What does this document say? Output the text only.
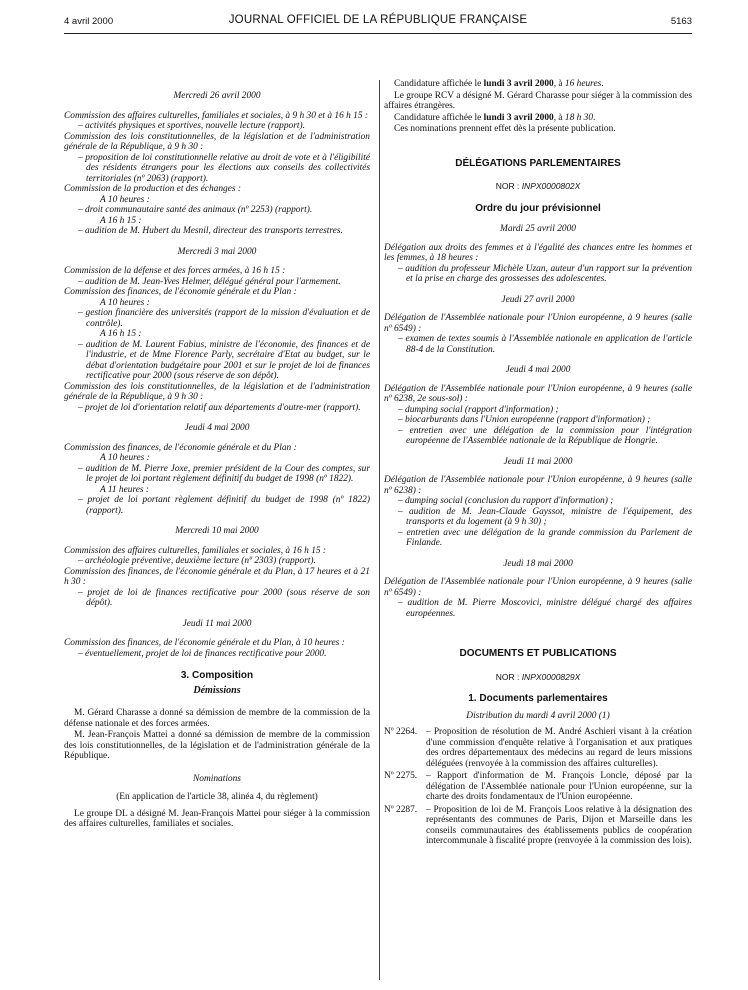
4 avril 2000	JOURNAL OFFICIEL DE LA RÉPUBLIQUE FRANÇAISE	5163

Mercredi 26 avril 2000

Commission des affaires culturelles, familiales et sociales, à 9 h 30 et à 16 h 15 :

– activités physiques et sportives, nouvelle lecture (rapport).

Commission des lois constitutionnelles, de la législation et de l'administration générale de la République, à 9 h 30 :

– proposition de loi constitutionnelle relative au droit de vote et à l'éligibilité des résidents étrangers pour les élections aux conseils des collectivités territoriales (nº 2063) (rapport).

Commission de la production et des échanges :

A 10 heures :

– droit communautaire santé des animaux (nº 2253) (rapport).

A 16 h 15 :

– audition de M. Hubert du Mesnil, directeur des transports terrestres.

Mercredi 3 mai 2000

Commission de la défense et des forces armées, à 16 h 15 :

– audition de M. Jean-Yves Helmer, délégué général pour l'armement.

Commission des finances, de l'économie générale et du Plan :

A 10 heures :

– gestion financière des universités (rapport de la mission d'évaluation et de contrôle).

A 16 h 15 :

– audition de M. Laurent Fabius, ministre de l'économie, des finances et de l'industrie, et de Mme Florence Parly, secrétaire d'Etat au budget, sur le débat d'orientation budgétaire pour 2001 et sur le projet de loi de finances rectificative pour 2000 (sous réserve de son dépôt).

Commission des lois constitutionnelles, de la législation et de l'administration générale de la République, à 9 h 30 :

– projet de loi d'orientation relatif aux départements d'outre-mer (rapport).

Jeudi 4 mai 2000

Commission des finances, de l'économie générale et du Plan :

A 10 heures :

– audition de M. Pierre Joxe, premier président de la Cour des comptes, sur le projet de loi portant règlement définitif du budget de 1998 (nº 1822).

A 11 heures :

– projet de loi portant règlement définitif du budget de 1998 (nº 1822) (rapport).

Mercredi 10 mai 2000

Commission des affaires culturelles, familiales et sociales, à 16 h 15 :

– archéologie préventive, deuxième lecture (nº 2303) (rapport).

Commission des finances, de l'économie générale et du Plan, à 17 heures et à 21 h 30 :

– projet de loi de finances rectificative pour 2000 (sous réserve de son dépôt).

Jeudi 11 mai 2000

Commission des finances, de l'économie générale et du Plan, à 10 heures :

– éventuellement, projet de loi de finances rectificative pour 2000.

3. Composition

Démissions

M. Gérard Charasse a donné sa démission de membre de la commission de la défense nationale et des forces armées.

M. Jean-François Mattei a donné sa démission de membre de la commission des lois constitutionnelles, de la législation et de l'administration générale de la République.

Nominations

(En application de l'article 38, alinéa 4, du règlement)

Le groupe DL a désigné M. Jean-François Mattei pour siéger à la commission des affaires culturelles, familiales et sociales.

Candidature affichée le lundi 3 avril 2000, à 16 heures.

Le groupe RCV a désigné M. Gérard Charasse pour siéger à la commission des affaires étrangères.

Candidature affichée le lundi 3 avril 2000, à 18 h 30.

Ces nominations prennent effet dès la présente publication.

DÉLÉGATIONS PARLEMENTAIRES

NOR : INPX0000802X

Ordre du jour prévisionnel

Mardi 25 avril 2000

Délégation aux droits des femmes et à l'égalité des chances entre les hommes et les femmes, à 18 heures :

– audition du professeur Michèle Uzan, auteur d'un rapport sur la prévention et la prise en charge des grossesses des adolescentes.

Jeudi 27 avril 2000

Délégation de l'Assemblée nationale pour l'Union européenne, à 9 heures (salle nº 6549) :

– examen de textes soumis à l'Assemblée nationale en application de l'article 88-4 de la Constitution.

Jeudi 4 mai 2000

Délégation de l'Assemblée nationale pour l'Union européenne, à 9 heures (salle nº 6238, 2e sous-sol) :

– dumping social (rapport d'information) ;

– biocarburants dans l'Union européenne (rapport d'information) ;

– entretien avec une délégation de la commission pour l'intégration européenne de l'Assemblée nationale de la République de Hongrie.

Jeudi 11 mai 2000

Délégation de l'Assemblée nationale pour l'Union européenne, à 9 heures (salle nº 6238) :

– dumping social (conclusion du rapport d'information) ;

– audition de M. Jean-Claude Gayssot, ministre de l'équipement, des transports et du logement (à 9 h 30) ;

– entretien avec une délégation de la grande commission du Parlement de Finlande.

Jeudi 18 mai 2000

Délégation de l'Assemblée nationale pour l'Union européenne, à 9 heures (salle nº 6549) :

– audition de M. Pierre Moscovici, ministre délégué chargé des affaires européennes.

DOCUMENTS ET PUBLICATIONS

NOR : INPX0000829X

1. Documents parlementaires

Distribution du mardi 4 avril 2000 (1)

Nº 2264. – Proposition de résolution de M. André Aschieri visant à la création d'une commission d'enquête relative à l'organisation et aux pratiques des ordres départementaux des médecins au regard de leurs missions déléguées (renvoyée à la commission des affaires culturelles).
Nº 2275. – Rapport d'information de M. François Loncle, déposé par la délégation de l'Assemblée nationale pour l'Union européenne, sur la charte des droits fondamentaux de l'Union européenne.
Nº 2287. – Proposition de loi de M. François Loos relative à la désignation des représentants des communes de Paris, Dijon et Marseille dans les conseils communautaires des établissements publics de coopération intercommunale à fiscalité propre (renvoyée à la commission des lois).
